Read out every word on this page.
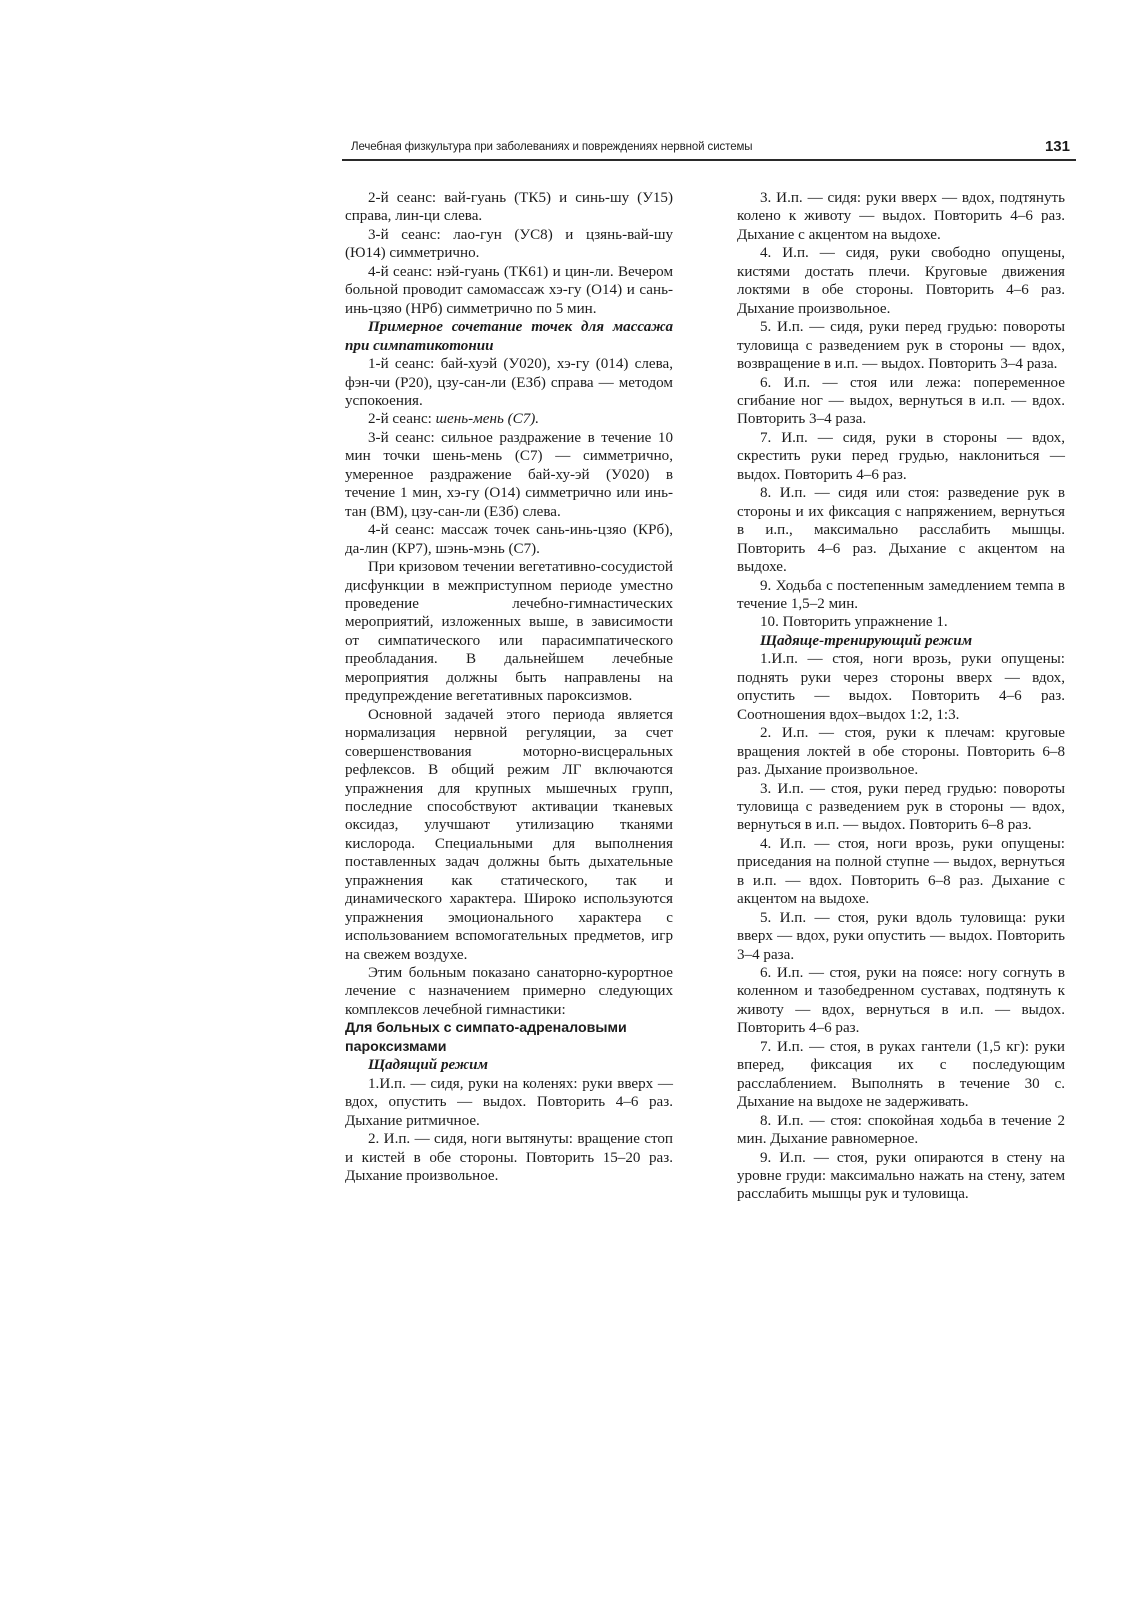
Лечебная физкультура при заболеваниях и повреждениях нервной системы	131

2-й сеанс: вай-гуань (ТК5) и синь-шу (У15) справа, лин-ци слева.

3-й сеанс: лао-гун (УС8) и цзянь-вай-шу (Ю14) симметрично.

4-й сеанс: нэй-гуань (ТК61) и цин-ли. Вечером больной проводит самомассаж хэ-гу (О14) и сань-инь-цзяо (НРб) симметрично по 5 мин.

Примерное сочетание точек для массажа при симпатикотонии

1-й сеанс: бай-хуэй (У020), хэ-гу (014) слева, фэн-чи (Р20), цзу-сан-ли (ЕЗб) справа — методом успокоения.

2-й сеанс: шень-мень (С7).

3-й сеанс: сильное раздражение в течение 10 мин точки шень-мень (С7) — симметрично, умеренное раздражение бай-ху-эй (У020) в течение 1 мин, хэ-гу (О14) симметрично или инь-тан (ВМ), цзу-сан-ли (ЕЗб) слева.

4-й сеанс: массаж точек сань-инь-цзяо (КРб), да-лин (КР7), шэнь-мэнь (С7).

При кризовом течении вегетативно-сосудистой дисфункции в межприступном периоде уместно проведение лечебно-гимнастических мероприятий, изложенных выше, в зависимости от симпатического или парасимпатического преобладания. В дальнейшем лечебные мероприятия должны быть направлены на предупреждение вегетативных пароксизмов.

Основной задачей этого периода является нормализация нервной регуляции, за счет совершенствования моторно-висцеральных рефлексов. В общий режим ЛГ включаются упражнения для крупных мышечных групп, последние способствуют активации тканевых оксидаз, улучшают утилизацию тканями кислорода. Специальными для выполнения поставленных задач должны быть дыхательные упражнения как статического, так и динамического характера. Широко используются упражнения эмоционального характера с использованием вспомогательных предметов, игр на свежем воздухе.

Этим больным показано санаторно-курортное лечение с назначением примерно следующих комплексов лечебной гимнастики:

Для больных с симпато-адреналовыми пароксизмами

Щадящий режим

1.И.п. — сидя, руки на коленях: руки вверх — вдох, опустить — выдох. Повторить 4–6 раз. Дыхание ритмичное.

2. И.п. — сидя, ноги вытянуты: вращение стоп и кистей в обе стороны. Повторить 15–20 раз. Дыхание произвольное.

3. И.п. — сидя: руки вверх — вдох, подтянуть колено к животу — выдох. Повторить 4–6 раз. Дыхание с акцентом на выдохе.

4. И.п. — сидя, руки свободно опущены, кистями достать плечи. Круговые движения локтями в обе стороны. Повторить 4–6 раз. Дыхание произвольное.

5. И.п. — сидя, руки перед грудью: повороты туловища с разведением рук в стороны — вдох, возвращение в и.п. — выдох. Повторить 3–4 раза.

6. И.п. — стоя или лежа: попеременное сгибание ног — выдох, вернуться в и.п. — вдох. Повторить 3–4 раза.

7. И.п. — сидя, руки в стороны — вдох, скрестить руки перед грудью, наклониться — выдох. Повторить 4–6 раз.

8. И.п. — сидя или стоя: разведение рук в стороны и их фиксация с напряжением, вернуться в и.п., максимально расслабить мышцы. Повторить 4–6 раз. Дыхание с акцентом на выдохе.

9. Ходьба с постепенным замедлением темпа в течение 1,5–2 мин.

10. Повторить упражнение 1.

Щадяще-тренирующий режим

1.И.п. — стоя, ноги врозь, руки опущены: поднять руки через стороны вверх — вдох, опустить — выдох. Повторить 4–6 раз. Соотношения вдох–выдох 1:2, 1:3.

2. И.п. — стоя, руки к плечам: круговые вращения локтей в обе стороны. Повторить 6–8 раз. Дыхание произвольное.

3. И.п. — стоя, руки перед грудью: повороты туловища с разведением рук в стороны — вдох, вернуться в и.п. — выдох. Повторить 6–8 раз.

4. И.п. — стоя, ноги врозь, руки опущены: приседания на полной ступне — выдох, вернуться в и.п. — вдох. Повторить 6–8 раз. Дыхание с акцентом на выдохе.

5. И.п. — стоя, руки вдоль туловища: руки вверх — вдох, руки опустить — выдох. Повторить 3–4 раза.

6. И.п. — стоя, руки на поясе: ногу согнуть в коленном и тазобедренном суставах, подтянуть к животу — вдох, вернуться в и.п. — выдох. Повторить 4–6 раз.

7. И.п. — стоя, в руках гантели (1,5 кг): руки вперед, фиксация их с последующим расслаблением. Выполнять в течение 30 с. Дыхание на выдохе не задерживать.

8. И.п. — стоя: спокойная ходьба в течение 2 мин. Дыхание равномерное.

9. И.п. — стоя, руки опираются в стену на уровне груди: максимально нажать на стену, затем расслабить мышцы рук и туловища.
